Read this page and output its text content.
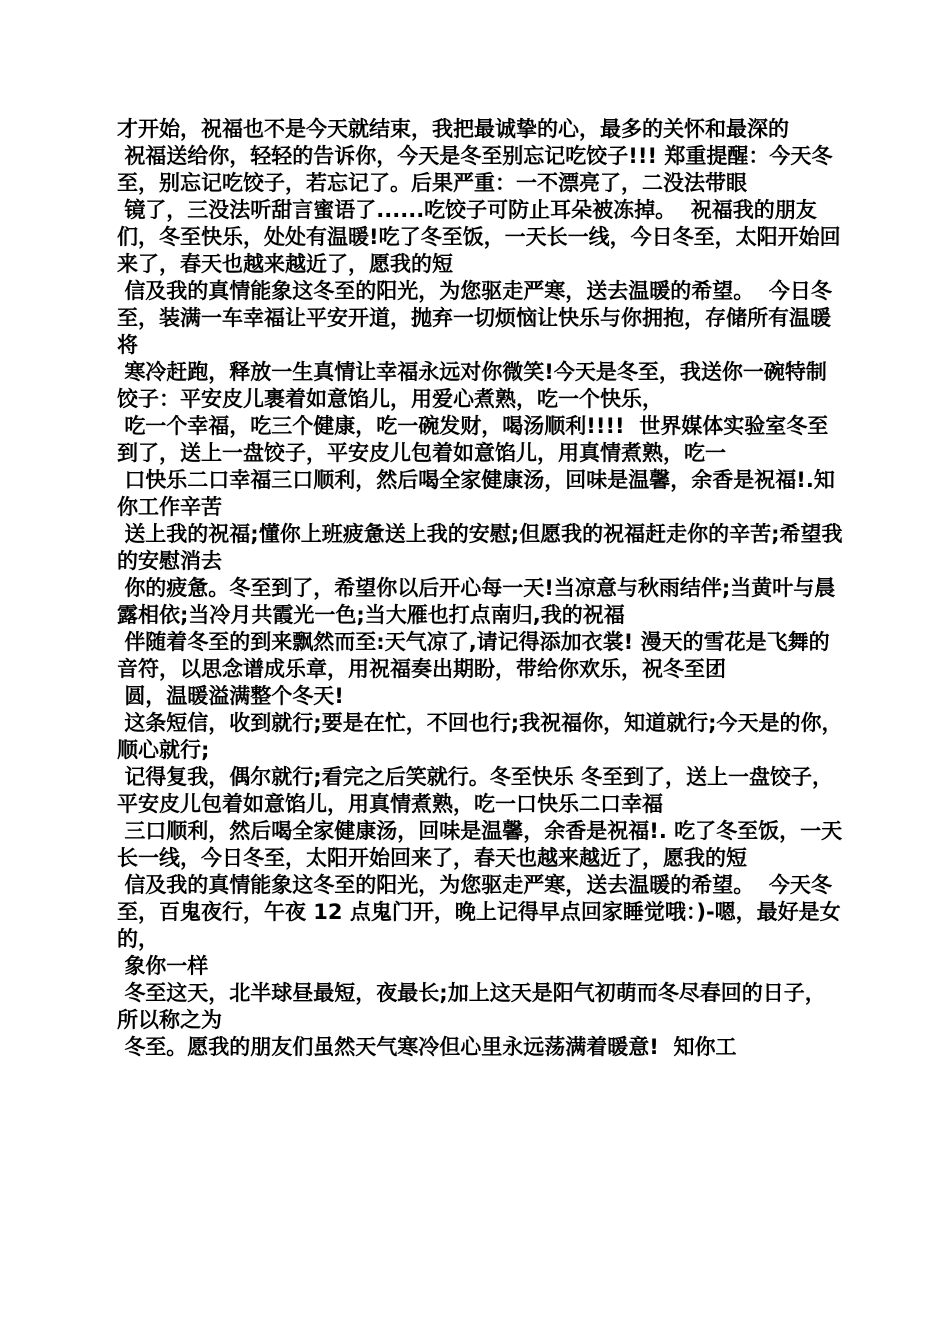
才开始，祝福也不是今天就结束，我把最诚挚的心，最多的关怀和最深的

祝福送给你，轻轻的告诉你，今天是冬至别忘记吃饺子!!! 郑重提醒：今天冬至，别忘记吃饺子，若忘记了。后果严重：一不漂亮了，二没法带眼

镜了，三没法听甜言蜜语了......吃饺子可防止耳朵被冻掉。  祝福我的朋友们，冬至快乐，处处有温暖!吃了冬至饭，一天长一线，今日冬至，太阳开始回来了，春天也越来越近了，愿我的短

信及我的真情能象这冬至的阳光，为您驱走严寒，送去温暖的希望。  今日冬至，装满一车幸福让平安开道，抛弃一切烦恼让快乐与你拥抱，存储所有温暖将

寒冷赶跑，释放一生真情让幸福永远对你微笑!今天是冬至，我送你一碗特制饺子：平安皮儿裹着如意馅儿，用爱心煮熟，吃一个快乐，

吃一个幸福，吃三个健康，吃一碗发财，喝汤顺利!!!!  世界媒体实验室冬至到了，送上一盘饺子，平安皮儿包着如意馅儿，用真情煮熟，吃一

口快乐二口幸福三口顺利，然后喝全家健康汤，回味是温馨，余香是祝福!.知你工作辛苦

送上我的祝福;懂你上班疲惫送上我的安慰;但愿我的祝福赶走你的辛苦;希望我的安慰消去

你的疲惫。冬至到了，希望你以后开心每一天!当凉意与秋雨结伴;当黄叶与晨露相依;当冷月共霞光一色;当大雁也打点南归,我的祝福

伴随着冬至的到来飘然而至:天气凉了,请记得添加衣裳! 漫天的雪花是飞舞的音符，以思念谱成乐章，用祝福奏出期盼，带给你欢乐，祝冬至团

圆，温暖溢满整个冬天!

这条短信，收到就行;要是在忙，不回也行;我祝福你，知道就行;今天是的你，顺心就行;

记得复我，偶尔就行;看完之后笑就行。冬至快乐 冬至到了，送上一盘饺子，平安皮儿包着如意馅儿，用真情煮熟，吃一口快乐二口幸福

三口顺利，然后喝全家健康汤，回味是温馨，余香是祝福!. 吃了冬至饭，一天长一线，今日冬至，太阳开始回来了，春天也越来越近了，愿我的短

信及我的真情能象这冬至的阳光，为您驱走严寒，送去温暖的希望。  今天冬至，百鬼夜行，午夜 12 点鬼门开，晚上记得早点回家睡觉哦：)-嗯，最好是女的，

象你一样

冬至这天，北半球昼最短，夜最长;加上这天是阳气初萌而冬尽春回的日子，所以称之为

冬至。愿我的朋友们虽然天气寒冷但心里永远荡满着暖意!  知你工
